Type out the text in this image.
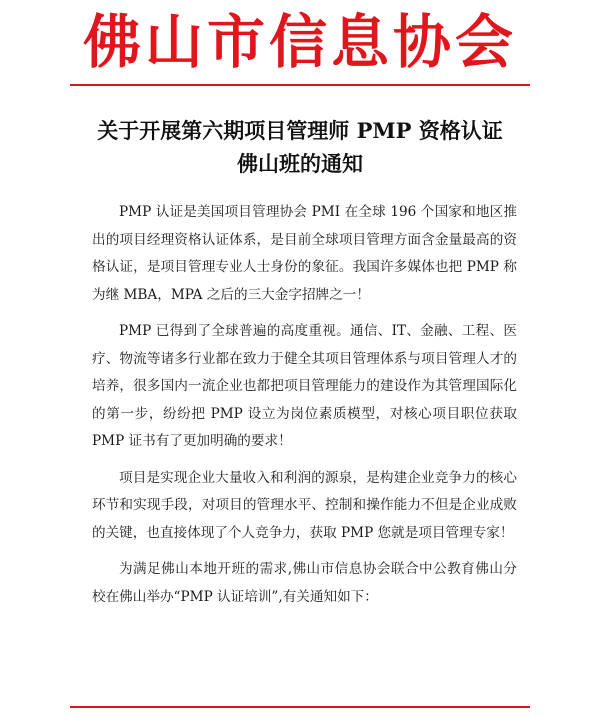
佛山市信息协会
关于开展第六期项目管理师 PMP 资格认证
佛山班的通知

PMP 认证是美国项目管理协会 PMI 在全球 196 个国家和地区推出的项目经理资格认证体系，是目前全球项目管理方面含金量最高的资格认证，是项目管理专业人士身份的象征。我国许多媒体也把 PMP 称为继 MBA，MPA 之后的三大金字招牌之一！

PMP 已得到了全球普遍的高度重视。通信、IT、金融、工程、医疗、物流等诸多行业都在致力于健全其项目管理体系与项目管理人才的培养，很多国内一流企业也都把项目管理能力的建设作为其管理国际化的第一步，纷纷把 PMP 设立为岗位素质模型，对核心项目职位获取 PMP 证书有了更加明确的要求！

项目是实现企业大量收入和利润的源泉，是构建企业竞争力的核心环节和实现手段，对项目的管理水平、控制和操作能力不但是企业成败的关键，也直接体现了个人竞争力，获取 PMP 您就是项目管理专家！

为满足佛山本地开班的需求,佛山市信息协会联合中公教育佛山分校在佛山举办“PMP 认证培训”,有关通知如下：
